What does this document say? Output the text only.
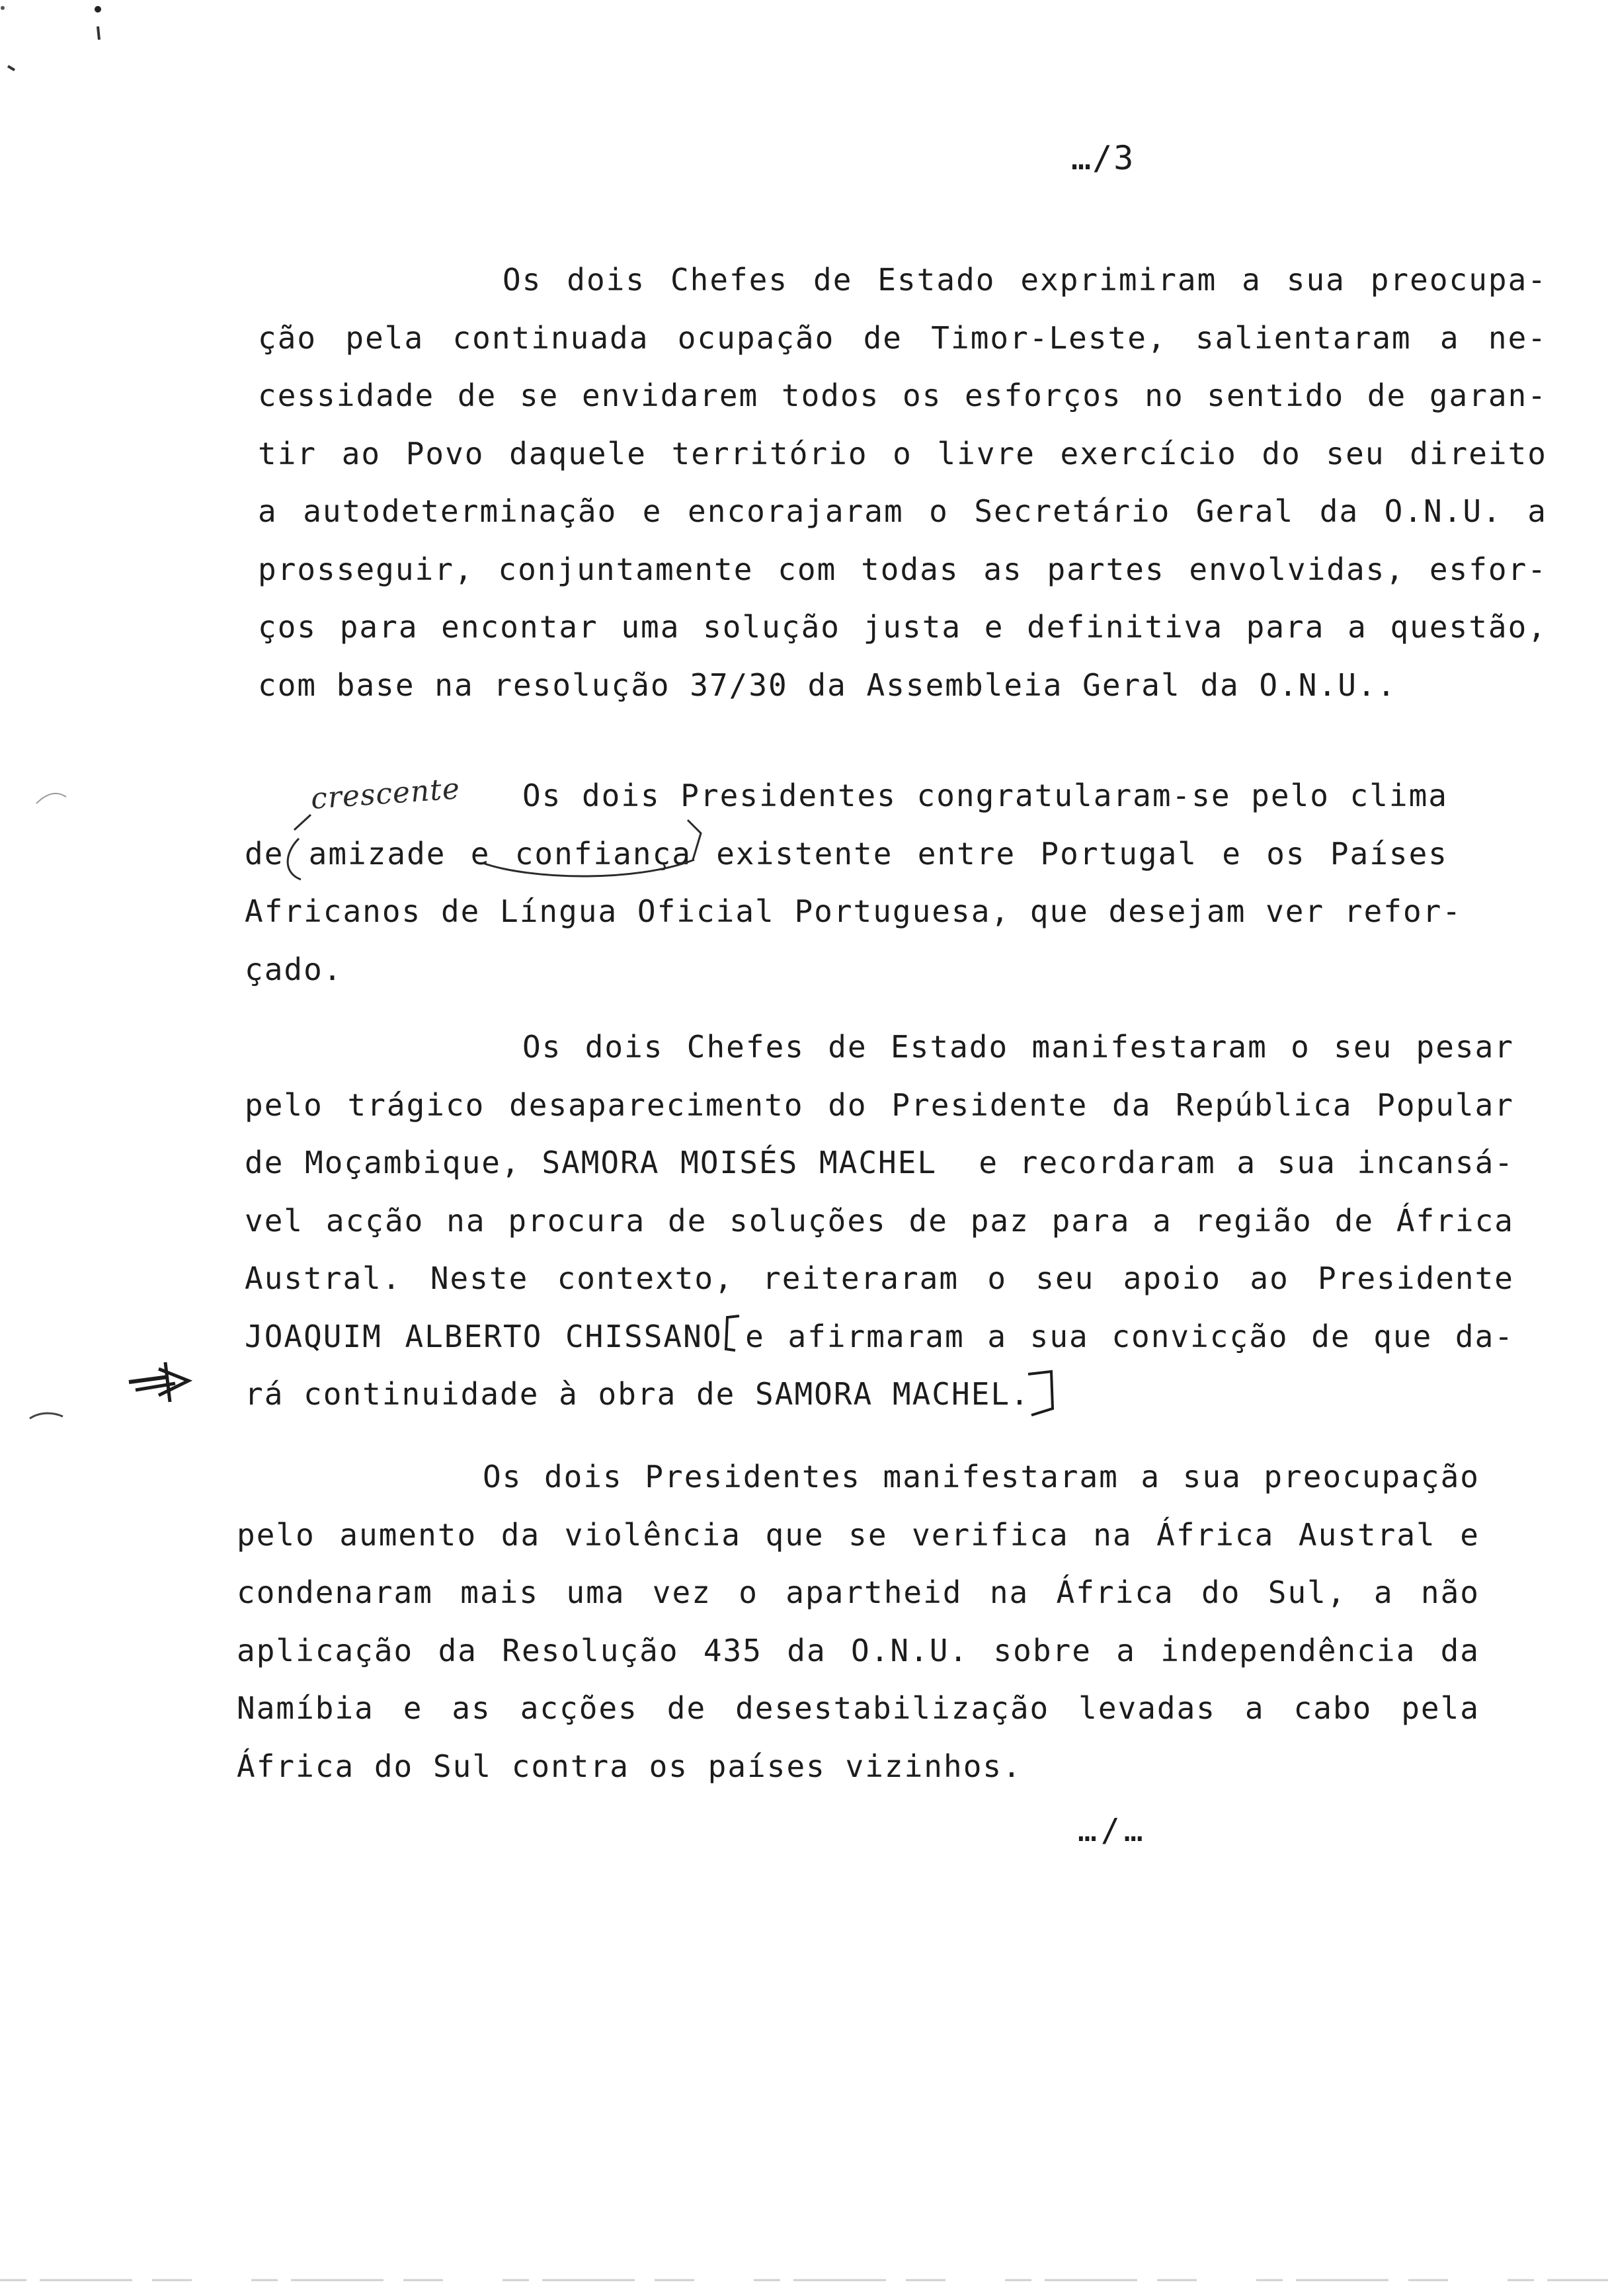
…/3
Os dois Chefes de Estado exprimiram a sua preocupa-
ção pela continuada ocupação de Timor-Leste, salientaram a ne-
cessidade de se envidarem todos os esforços no sentido de garan-
tir ao Povo daquele território o livre exercício do seu direito
a autodeterminação e encorajaram o Secretário Geral da O.N.U. a
prosseguir, conjuntamente com todas as partes envolvidas, esfor-
ços para encontar uma solução justa e definitiva para a questão,
com base na resolução 37/30 da Assembleia Geral da O.N.U..
Os dois Presidentes congratularam-se pelo clima
de amizade e confiança existente entre Portugal e os Países
Africanos de Língua Oficial Portuguesa, que desejam ver refor-
çado.
crescente
Os dois Chefes de Estado manifestaram o seu pesar
pelo trágico desaparecimento do Presidente da República Popular
de Moçambique, SAMORA MOISÉS MACHEL  e recordaram a sua incansá-
vel acção na procura de soluções de paz para a região de África
Austral. Neste contexto, reiteraram o seu apoio ao Presidente
JOAQUIM ALBERTO CHISSANO e afirmaram a sua convicção de que da-
rá continuidade à obra de SAMORA MACHEL.
Os dois Presidentes manifestaram a sua preocupação
pelo aumento da violência que se verifica na África Austral e
condenaram mais uma vez o apartheid na África do Sul, a não
aplicação da Resolução 435 da O.N.U. sobre a independência da
Namíbia e as acções de desestabilização levadas a cabo pela
África do Sul contra os países vizinhos.
…/…
